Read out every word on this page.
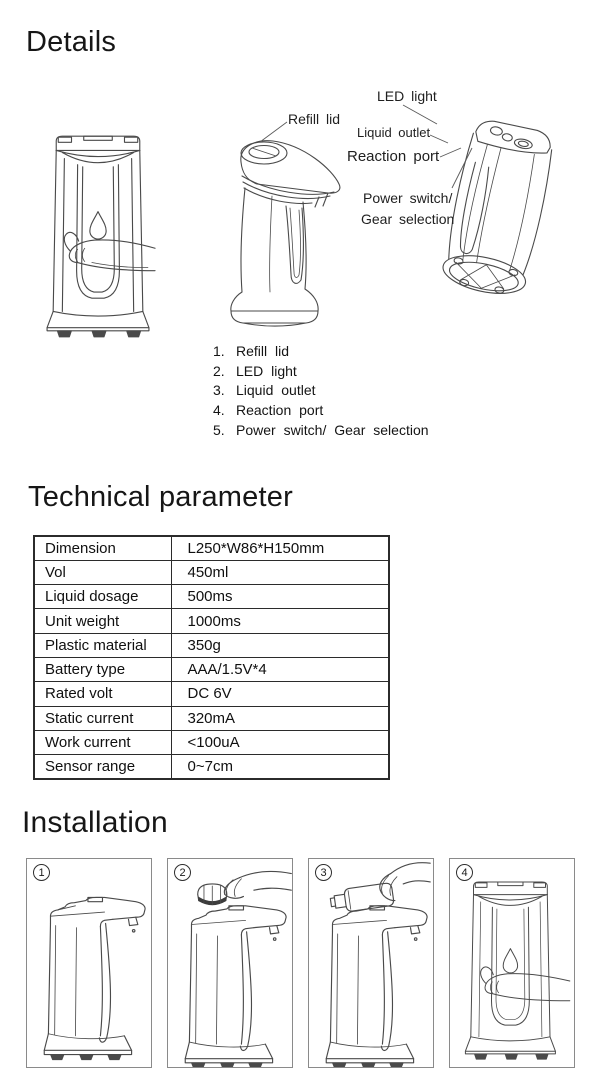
Details
Refill lid
LED light
Liquid outlet
Reaction port
Power switch/
Gear selection
1. Refill lid
2. LED light
3. Liquid outlet
4. Reaction port
5. Power switch/ Gear selection
Technical parameter
Dimension	L250*W86*H150mm
Vol	450ml
Liquid dosage	500ms
Unit weight	1000ms
Plastic material	350g
Battery type	AAA/1.5V*4
Rated volt	DC 6V
Static current	320mA
Work current	<100uA
Sensor range	0~7cm
Installation
1	2	3	4
